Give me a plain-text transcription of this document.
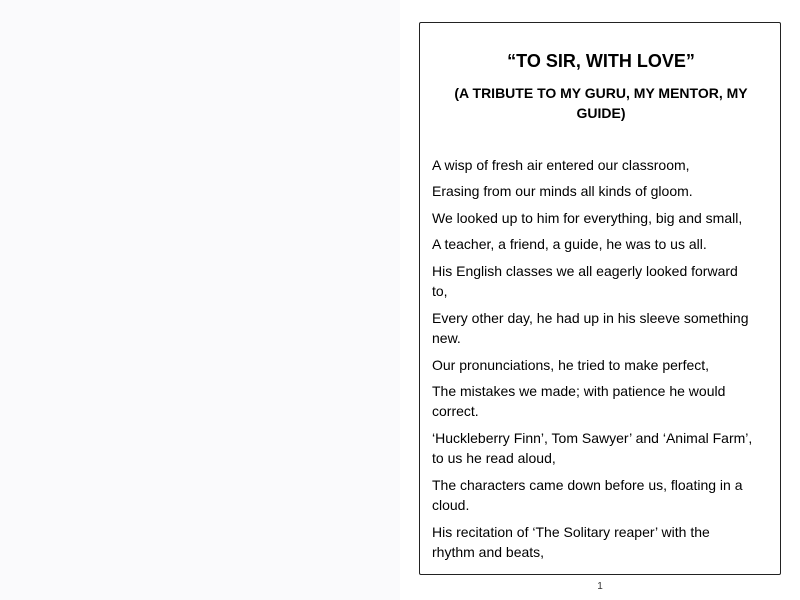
“TO SIR, WITH LOVE”
(A TRIBUTE TO MY GURU, MY MENTOR, MY
GUIDE)
A wisp of fresh air entered our classroom,
Erasing from our minds all kinds of gloom.
We looked up to him for everything, big and small,
A teacher, a friend, a guide, he was to us all.
His English classes we all eagerly looked forward
to,
Every other day, he had up in his sleeve something
new.
Our pronunciations, he tried to make perfect,
The mistakes we made; with patience he would
correct.
‘Huckleberry Finn’, Tom Sawyer’ and ‘Animal Farm’,
to us he read aloud,
The characters came down before us, floating in a
cloud.
His recitation of ‘The Solitary reaper’ with the
rhythm and beats,
1
